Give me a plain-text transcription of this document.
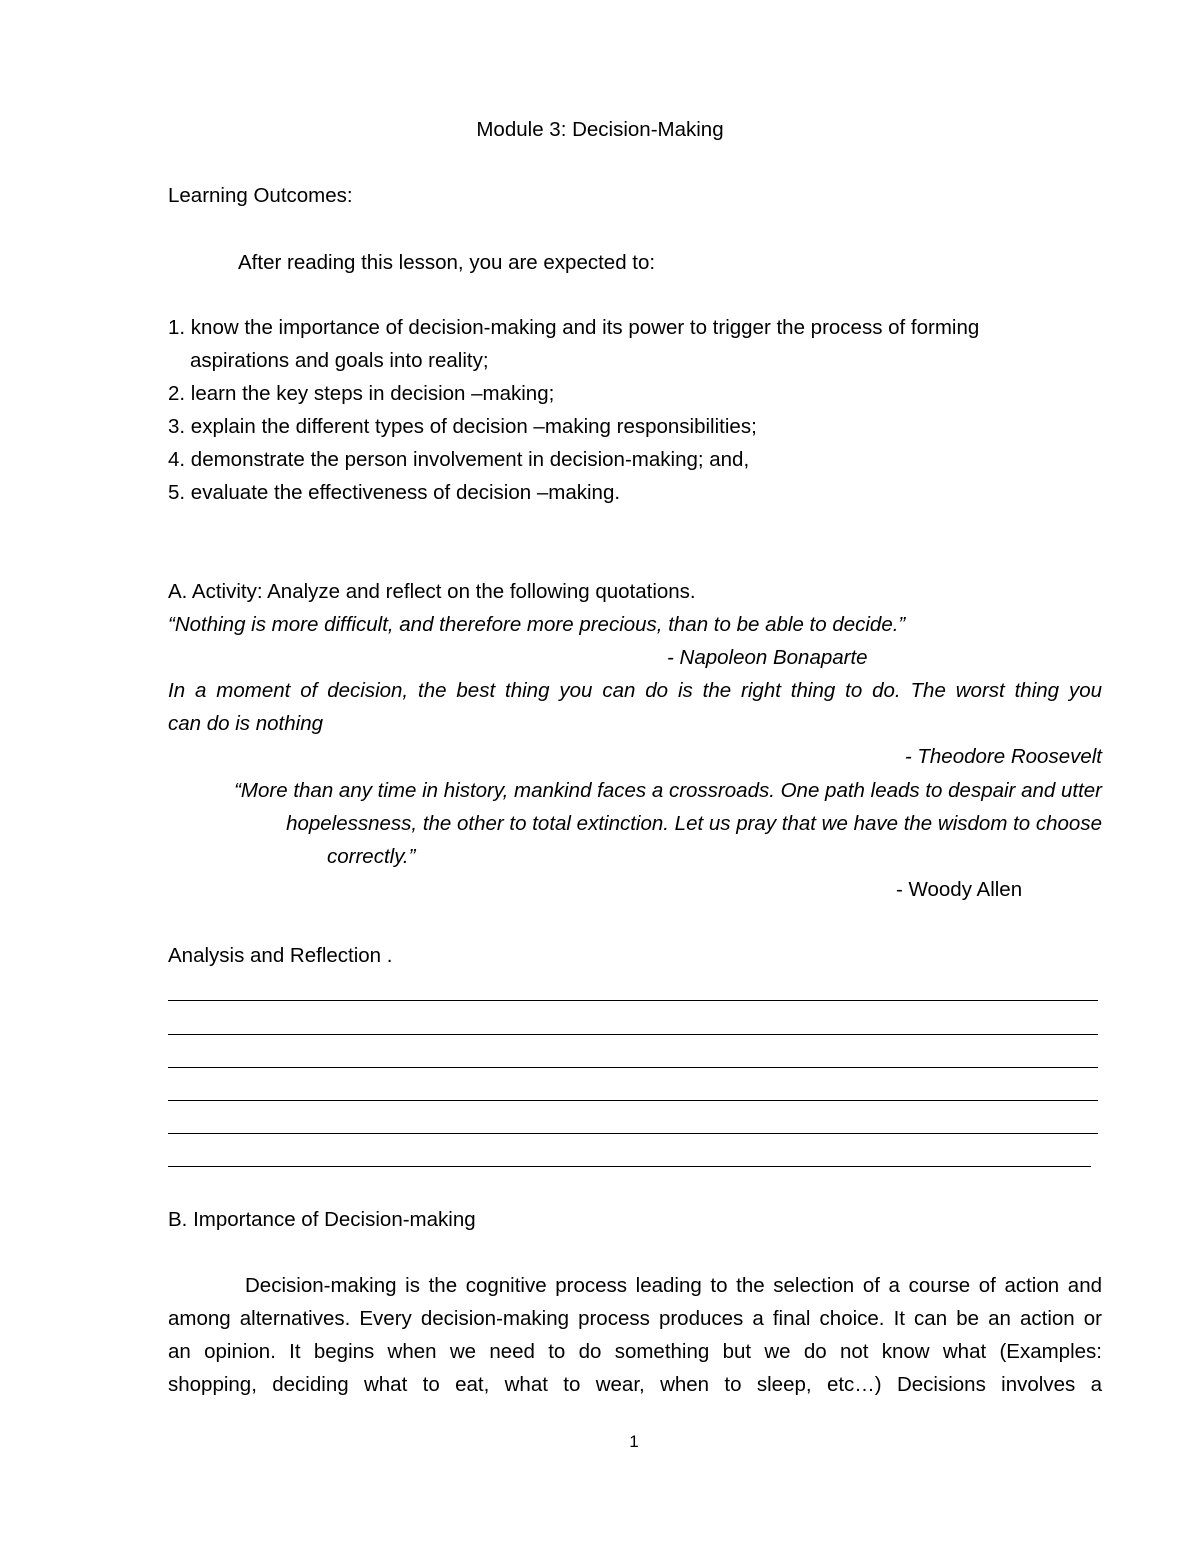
Module 3: Decision-Making
Learning Outcomes:
After reading this lesson, you are expected to:
1. know the importance of decision-making and its power to trigger the process of forming
aspirations and goals into reality;
2. learn the key steps in decision –making;
3. explain the different types of decision –making responsibilities;
4. demonstrate the person involvement in decision-making; and,
5. evaluate the effectiveness of decision –making.
A. Activity: Analyze and reflect on the following quotations.
“Nothing is more difficult, and therefore more precious, than to be able to decide.”
- Napoleon Bonaparte
In a moment of decision, the best thing you can do is the right thing to do. The worst thing you
can do is nothing
- Theodore Roosevelt
“More than any time in history, mankind faces a crossroads. One path leads to despair and utter
hopelessness, the other to total extinction. Let us pray that we have the wisdom to choose
correctly.”
- Woody Allen
Analysis and Reflection .
B. Importance of Decision-making
Decision-making is the cognitive process leading to the selection of a course of action and
among alternatives. Every decision-making process produces a final choice. It can be an action or
an opinion. It begins when we need to do something but we do not know what (Examples:
shopping, deciding what to eat, what to wear, when to sleep, etc…) Decisions involves a
1
